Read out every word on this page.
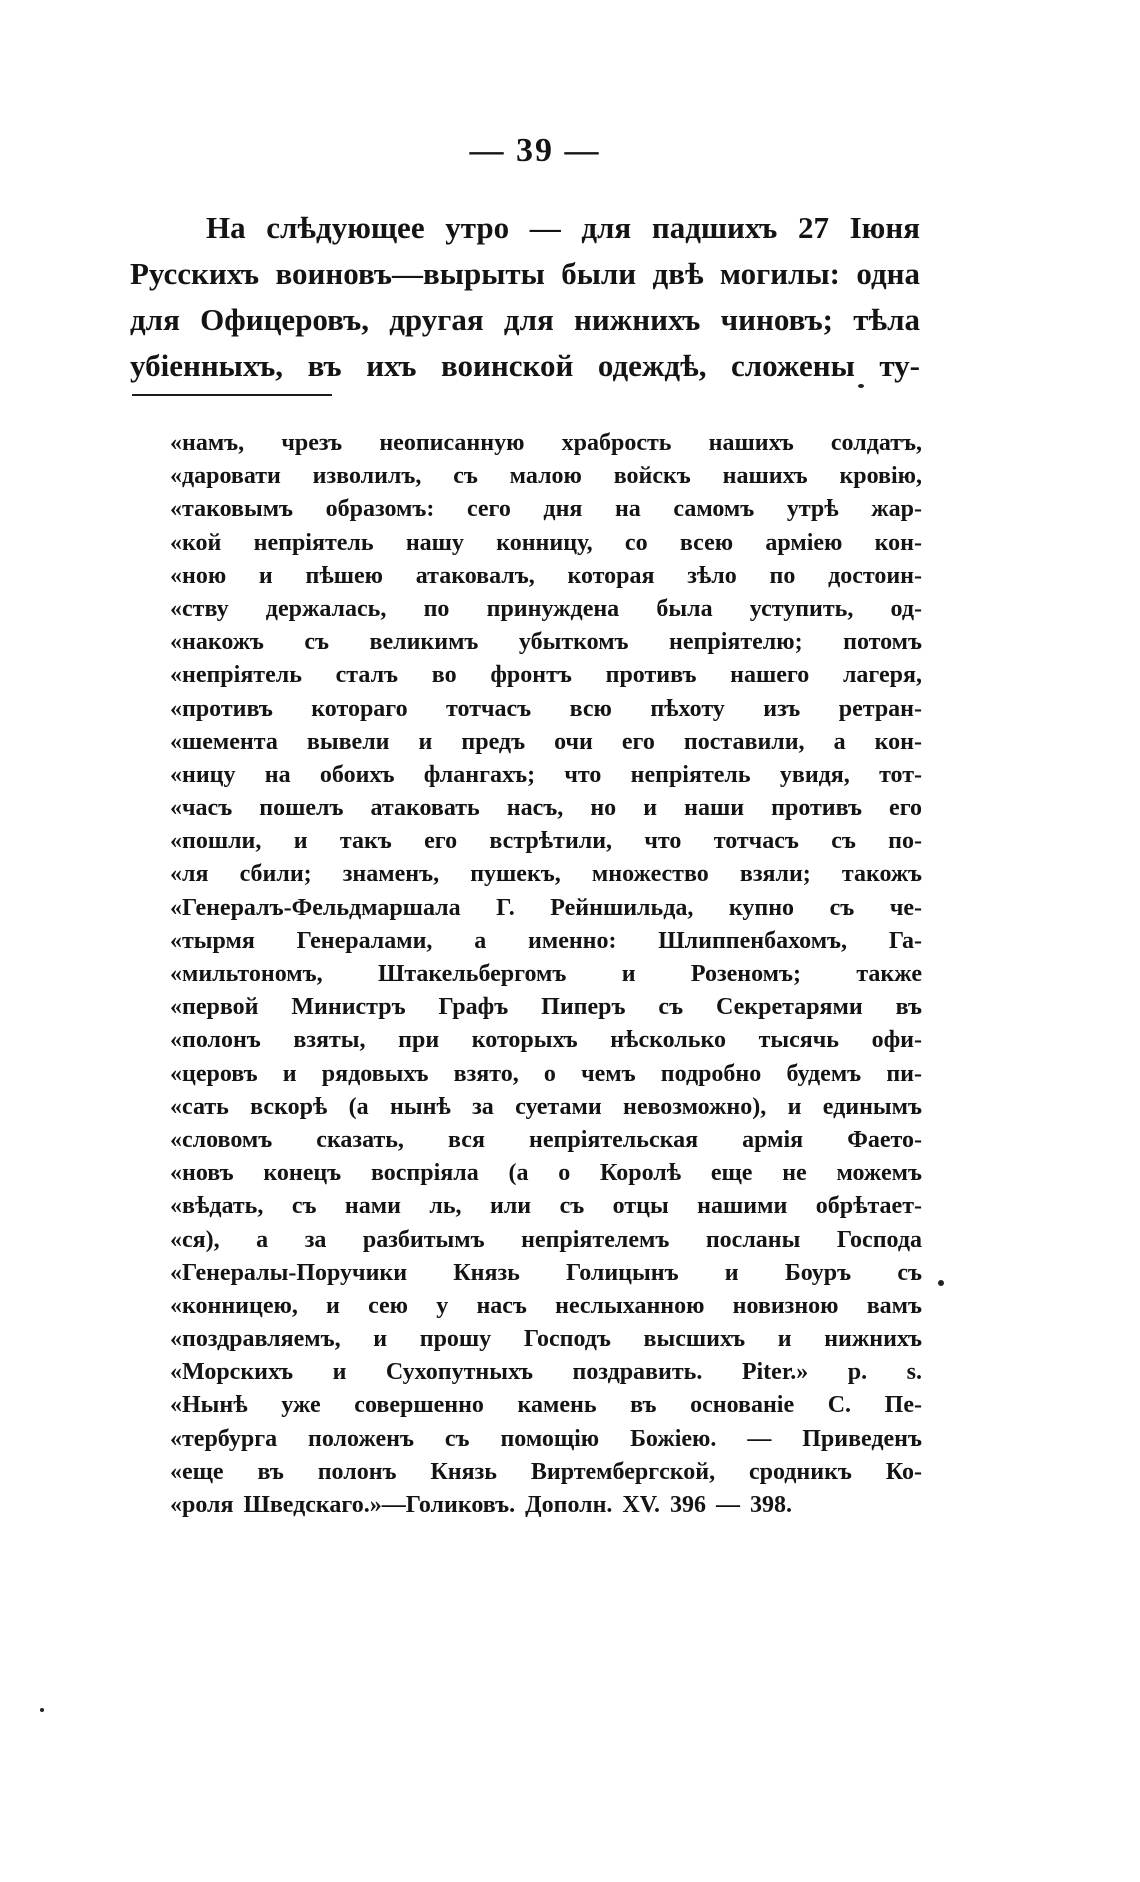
— 39 —
На слѣдующее утро — для падшихъ 27 Іюня
Русскихъ воиновъ—вырыты были двѣ могилы: одна
для Офицеровъ, другая для нижнихъ чиновъ; тѣла
убіенныхъ, въ ихъ воинской одеждѣ, сложены ту-
«намъ, чрезъ неописанную храбрость нашихъ солдатъ,
«даровати изволилъ, съ малою войскъ нашихъ кровію,
«таковымъ образомъ: сего дня на самомъ утрѣ жар-
«кой непріятель нашу конницу, со всею арміею кон-
«ною и пѣшею атаковалъ, которая зѣло по достоин-
«ству держалась, по принуждена была уступить, од-
«накожъ съ великимъ убыткомъ непріятелю; потомъ
«непріятель сталъ во фронтъ противъ нашего лагеря,
«противъ котораго тотчасъ всю пѣхоту изъ ретран-
«шемента вывели и предъ очи его поставили, а кон-
«ницу на обоихъ флангахъ; что непріятель увидя, тот-
«часъ пошелъ атаковать насъ, но и наши противъ его
«пошли, и такъ его встрѣтили, что тотчасъ съ по-
«ля сбили; знаменъ, пушекъ, множество взяли; такожъ
«Генералъ-Фельдмаршала Г. Рейншильда, купно съ че-
«тырмя Генералами, а именно: Шлиппенбахомъ, Га-
«мильтономъ, Штакельбергомъ и Розеномъ; также
«первой Министръ Графъ Пиперъ съ Секретарями въ
«полонъ взяты, при которыхъ нѣсколько тысячь офи-
«церовъ и рядовыхъ взято, о чемъ подробно будемъ пи-
«сать вскорѣ (а нынѣ за суетами невозможно), и единымъ
«словомъ сказать, вся непріятельская армія Фаето-
«новъ конецъ воспріяла (а о Королѣ еще не можемъ
«вѣдать, съ нами ль, или съ отцы нашими обрѣтает-
«ся), а за разбитымъ непріятелемъ посланы Господа
«Генералы-Поручики Князь Голицынъ и Боуръ съ
«конницею, и сею у насъ неслыханною новизною вамъ
«поздравляемъ, и прошу Господъ высшихъ и нижнихъ
«Морскихъ и Сухопутныхъ поздравить. Piter.» р. s.
«Нынѣ уже совершенно камень въ основаніе С. Пе-
«тербурга положенъ съ помощію Божіею. — Приведенъ
«еще въ полонъ Князь Виртембергской, сродникъ Ко-
«роля Шведскаго.»—Голиковъ. Дополн. XV. 396 — 398.
